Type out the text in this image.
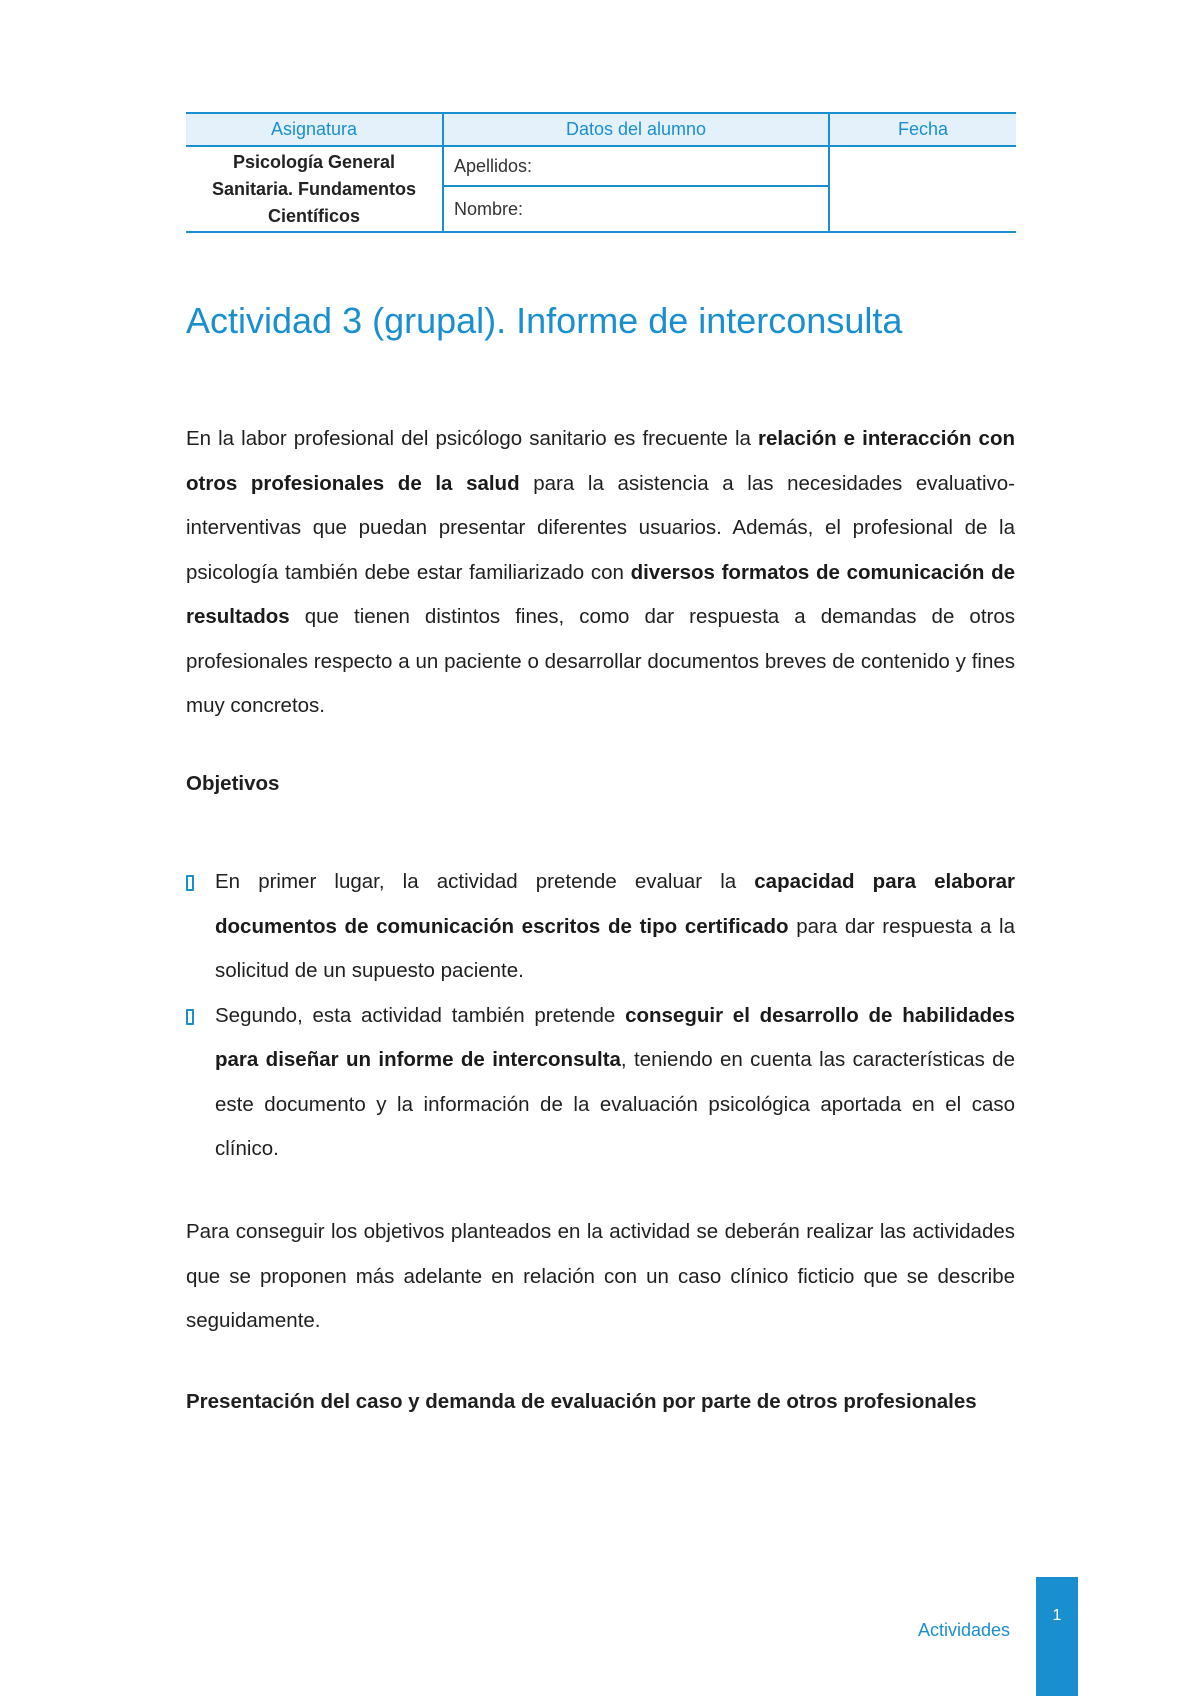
Asignatura	Datos del alumno	Fecha
Psicología General
Sanitaria. Fundamentos
Científicos	Apellidos:	
	Nombre:	
Actividad 3 (grupal). Informe de interconsulta

En la labor profesional del psicólogo sanitario es frecuente la relación e interacción con otros profesionales de la salud para la asistencia a las necesidades evaluativo-interventivas que puedan presentar diferentes usuarios. Además, el profesional de la psicología también debe estar familiarizado con diversos formatos de comunicación de resultados que tienen distintos fines, como dar respuesta a demandas de otros profesionales respecto a un paciente o desarrollar documentos breves de contenido y fines muy concretos.

Objetivos
En primer lugar, la actividad pretende evaluar la capacidad para elaborar documentos de comunicación escritos de tipo certificado para dar respuesta a la solicitud de un supuesto paciente.
Segundo, esta actividad también pretende conseguir el desarrollo de habilidades para diseñar un informe de interconsulta, teniendo en cuenta las características de este documento y la información de la evaluación psicológica aportada en el caso clínico.

Para conseguir los objetivos planteados en la actividad se deberán realizar las actividades que se proponen más adelante en relación con un caso clínico ficticio que se describe seguidamente.

Presentación del caso y demanda de evaluación por parte de otros profesionales
Actividades
1
